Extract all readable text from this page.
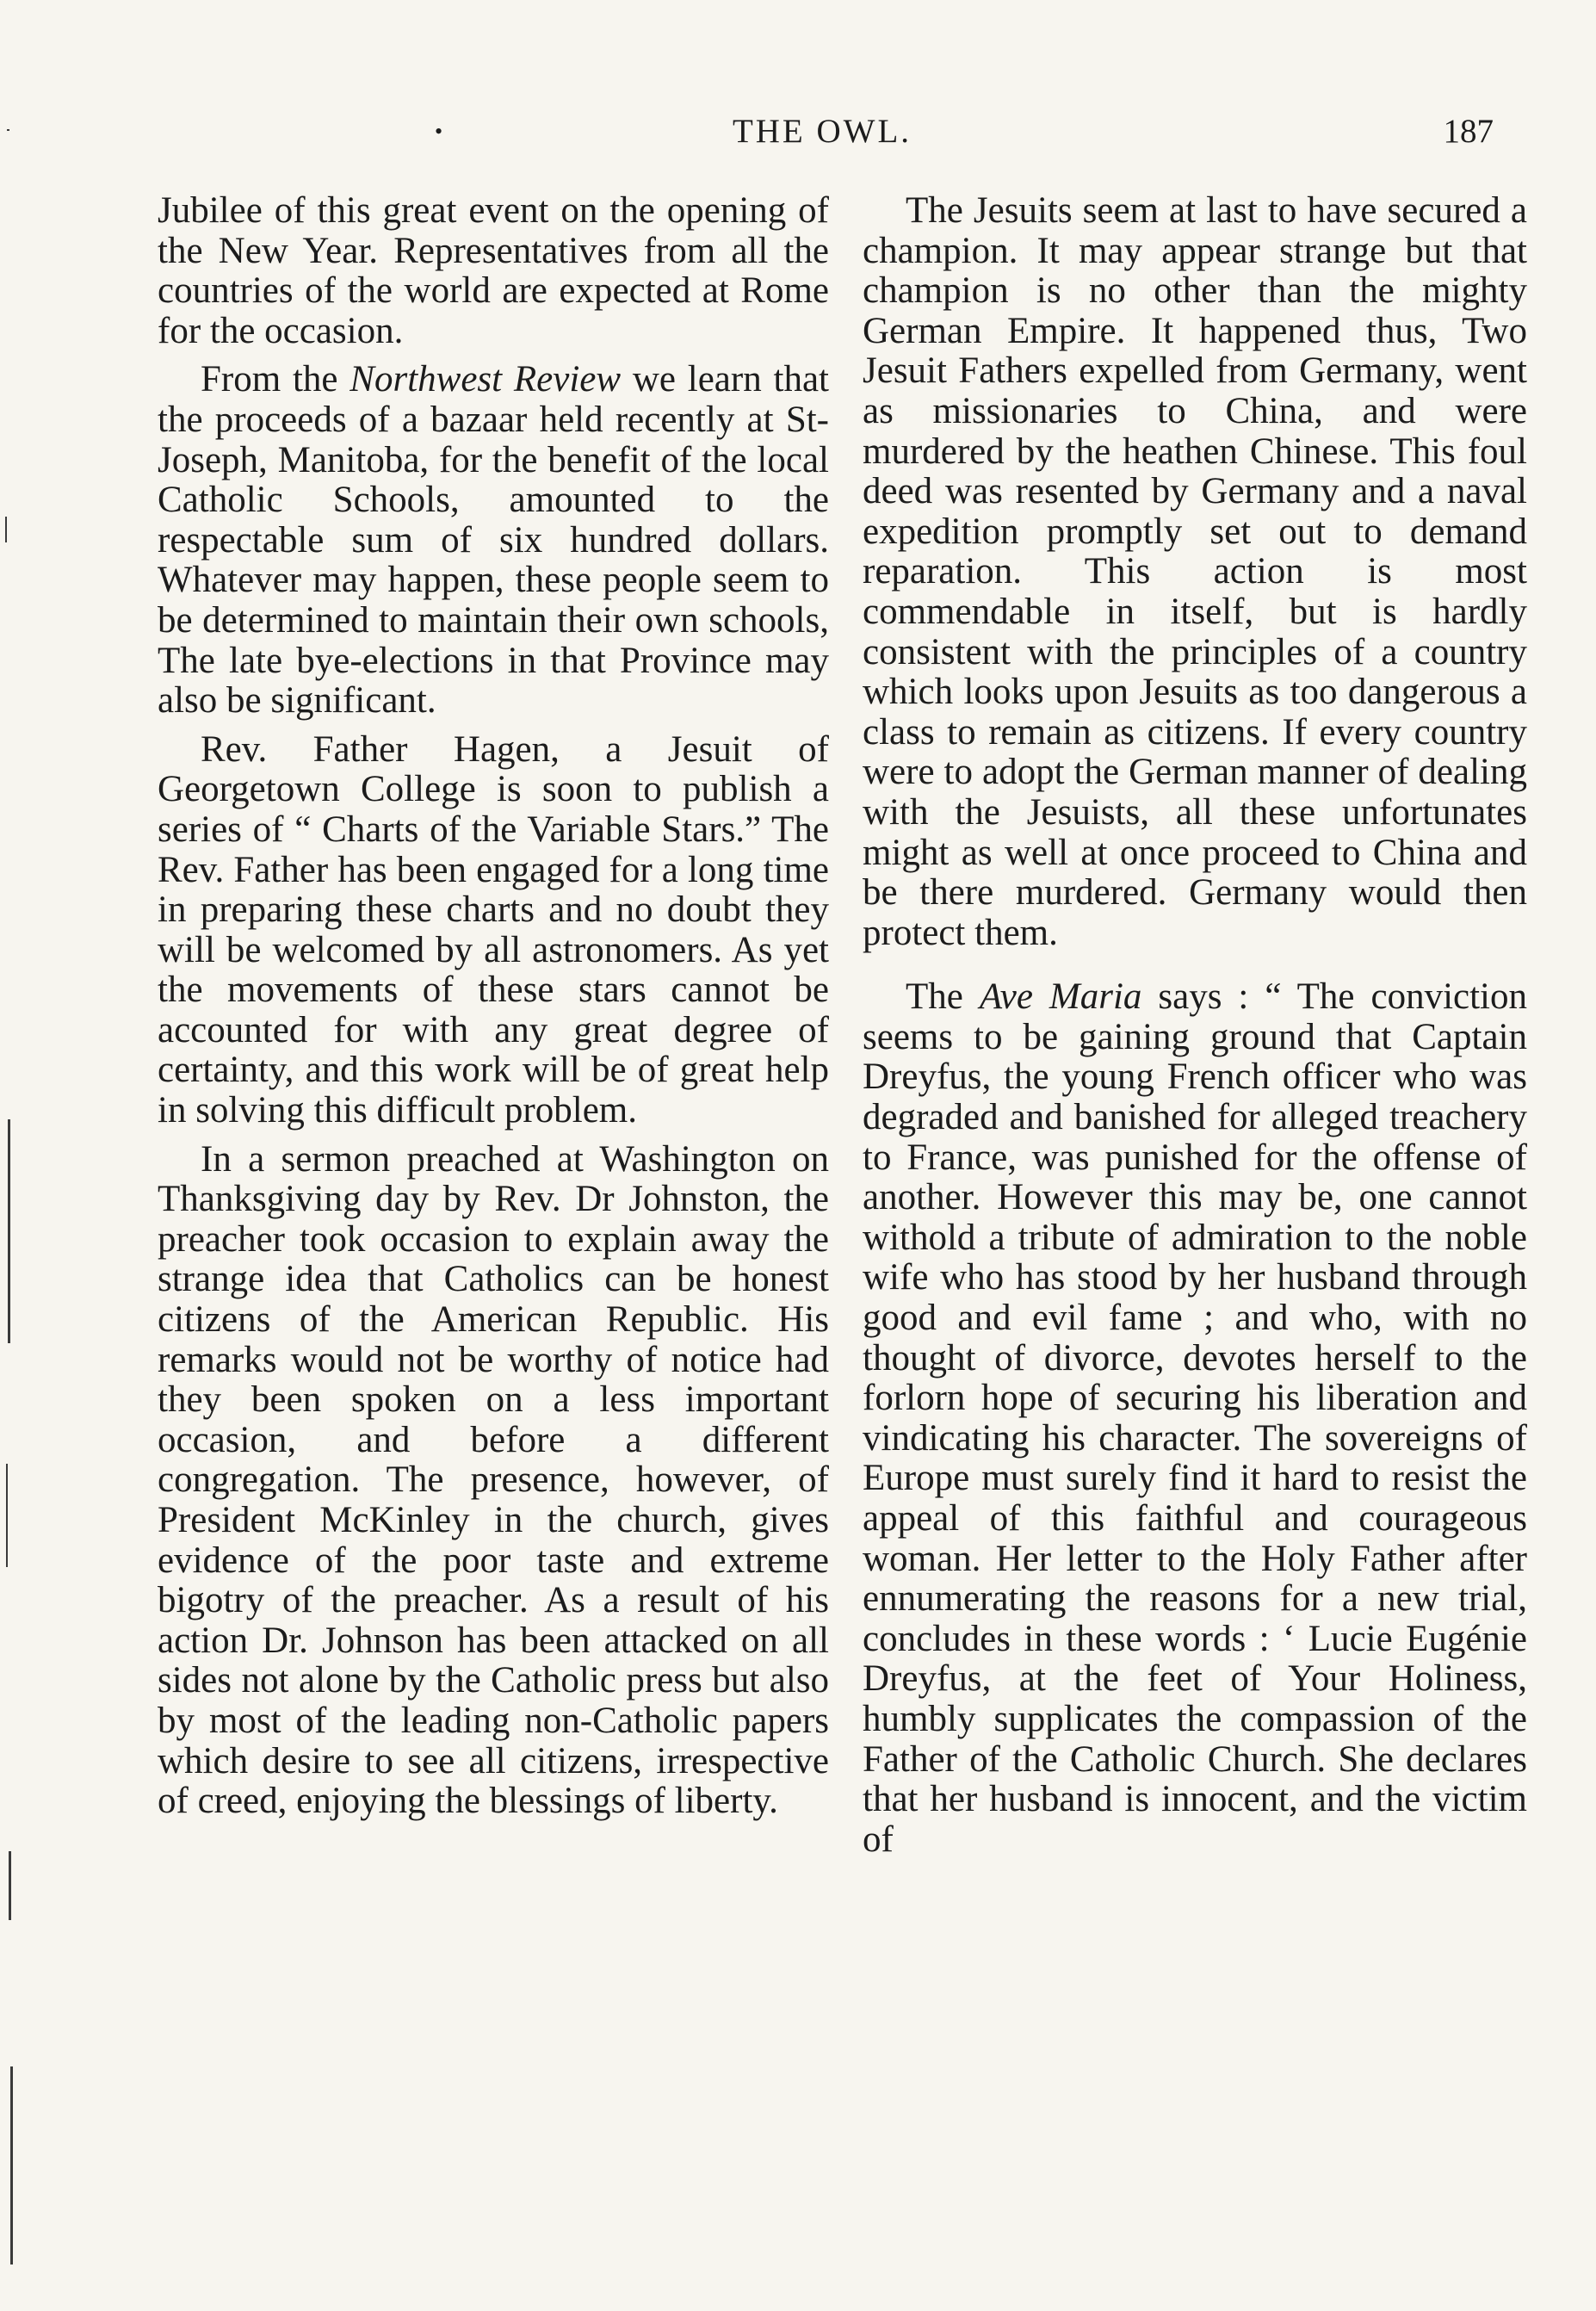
•	THE OWL.	187

Jubilee of this great event on the opening of the New Year. Representatives from all the countries of the world are expected at Rome for the occasion.

From the Northwest Review we learn that the proceeds of a bazaar held recently at St-Joseph, Manitoba, for the benefit of the local Catholic Schools, amounted to the respectable sum of six hundred dollars. Whatever may happen, these people seem to be determined to maintain their own schools, The late bye-elections in that Province may also be significant.

Rev. Father Hagen, a Jesuit of Georgetown College is soon to publish a series of “ Charts of the Variable Stars.” The Rev. Father has been engaged for a long time in preparing these charts and no doubt they will be welcomed by all astronomers. As yet the movements of these stars cannot be accounted for with any great degree of certainty, and this work will be of great help in solving this difficult problem.

In a sermon preached at Washington on Thanksgiving day by Rev. Dr Johnston, the preacher took occasion to explain away the strange idea that Catholics can be honest citizens of the American Republic. His remarks would not be worthy of notice had they been spoken on a less important occasion, and before a different congregation. The presence, however, of President McKinley in the church, gives evidence of the poor taste and extreme bigotry of the preacher. As a result of his action Dr. Johnson has been attacked on all sides not alone by the Catholic press but also by most of the leading non-Catholic papers which desire to see all citizens, irrespective of creed, enjoying the blessings of liberty.

The Jesuits seem at last to have secured a champion. It may appear strange but that champion is no other than the mighty German Empire. It happened thus, Two Jesuit Fathers expelled from Germany, went as missionaries to China, and were murdered by the heathen Chinese. This foul deed was resented by Germany and a naval expedition promptly set out to demand reparation. This action is most commendable in itself, but is hardly consistent with the principles of a country which looks upon Jesuits as too dangerous a class to remain as citizens. If every country were to adopt the German manner of dealing with the Jesuists, all these unfortunates might as well at once proceed to China and be there murdered. Germany would then protect them.

The Ave Maria says : “ The conviction seems to be gaining ground that Captain Dreyfus, the young French officer who was degraded and banished for alleged treachery to France, was punished for the offense of another. However this may be, one cannot withold a tribute of admiration to the noble wife who has stood by her husband through good and evil fame ; and who, with no thought of divorce, devotes herself to the forlorn hope of securing his liberation and vindicating his character. The sovereigns of Europe must surely find it hard to resist the appeal of this faithful and courageous woman. Her letter to the Holy Father after ennumerating the reasons for a new trial, concludes in these words : ‘ Lucie Eugénie Dreyfus, at the feet of Your Holiness, humbly supplicates the compassion of the Father of the Catholic Church. She declares that her husband is innocent, and the victim of
